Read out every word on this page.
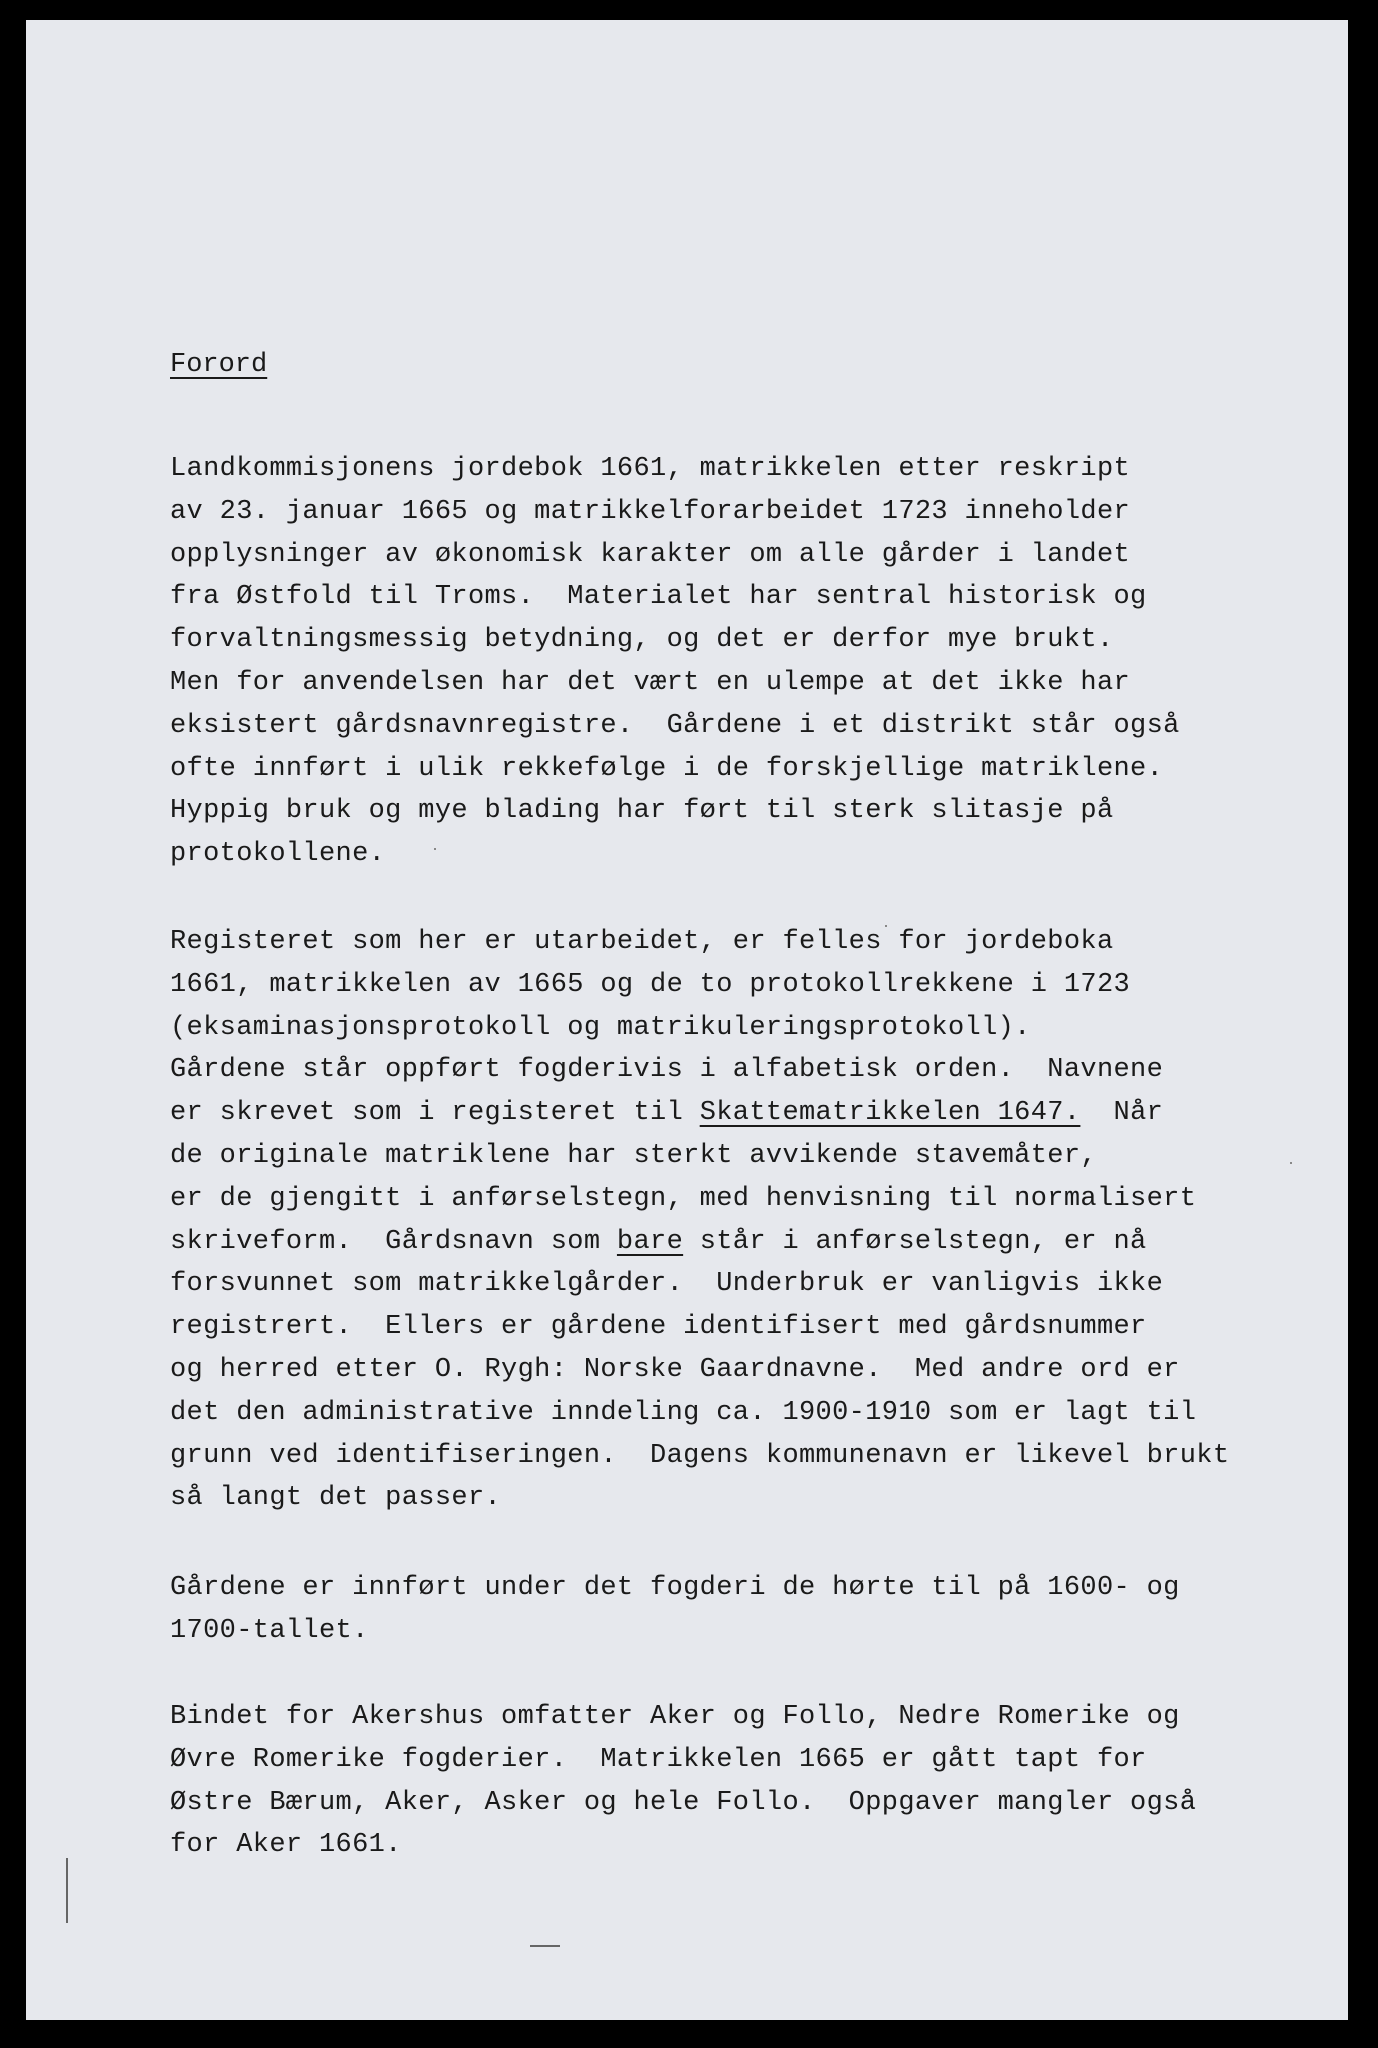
Forord

Landkommisjonens jordebok 1661, matrikkelen etter reskript
av 23. januar 1665 og matrikkelforarbeidet 1723 inneholder
opplysninger av økonomisk karakter om alle gårder i landet
fra Østfold til Troms.  Materialet har sentral historisk og
forvaltningsmessig betydning, og det er derfor mye brukt.
Men for anvendelsen har det vært en ulempe at det ikke har
eksistert gårdsnavnregistre.  Gårdene i et distrikt står også
ofte innført i ulik rekkefølge i de forskjellige matriklene.
Hyppig bruk og mye blading har ført til sterk slitasje på
protokollene.

Registeret som her er utarbeidet, er felles for jordeboka
1661, matrikkelen av 1665 og de to protokollrekkene i 1723
(eksaminasjonsprotokoll og matrikuleringsprotokoll).
Gårdene står oppført fogderivis i alfabetisk orden.  Navnene
er skrevet som i registeret til Skattematrikkelen 1647.  Når
de originale matriklene har sterkt avvikende stavemåter,
er de gjengitt i anførselstegn, med henvisning til normalisert
skriveform.  Gårdsnavn som bare står i anførselstegn, er nå
forsvunnet som matrikkelgårder.  Underbruk er vanligvis ikke
registrert.  Ellers er gårdene identifisert med gårdsnummer
og herred etter O. Rygh: Norske Gaardnavne.  Med andre ord er
det den administrative inndeling ca. 1900-1910 som er lagt til
grunn ved identifiseringen.  Dagens kommunenavn er likevel brukt
så langt det passer.

Gårdene er innført under det fogderi de hørte til på 1600- og
1700-tallet.

Bindet for Akershus omfatter Aker og Follo, Nedre Romerike og
Øvre Romerike fogderier.  Matrikkelen 1665 er gått tapt for
Østre Bærum, Aker, Asker og hele Follo.  Oppgaver mangler også
for Aker 1661.
